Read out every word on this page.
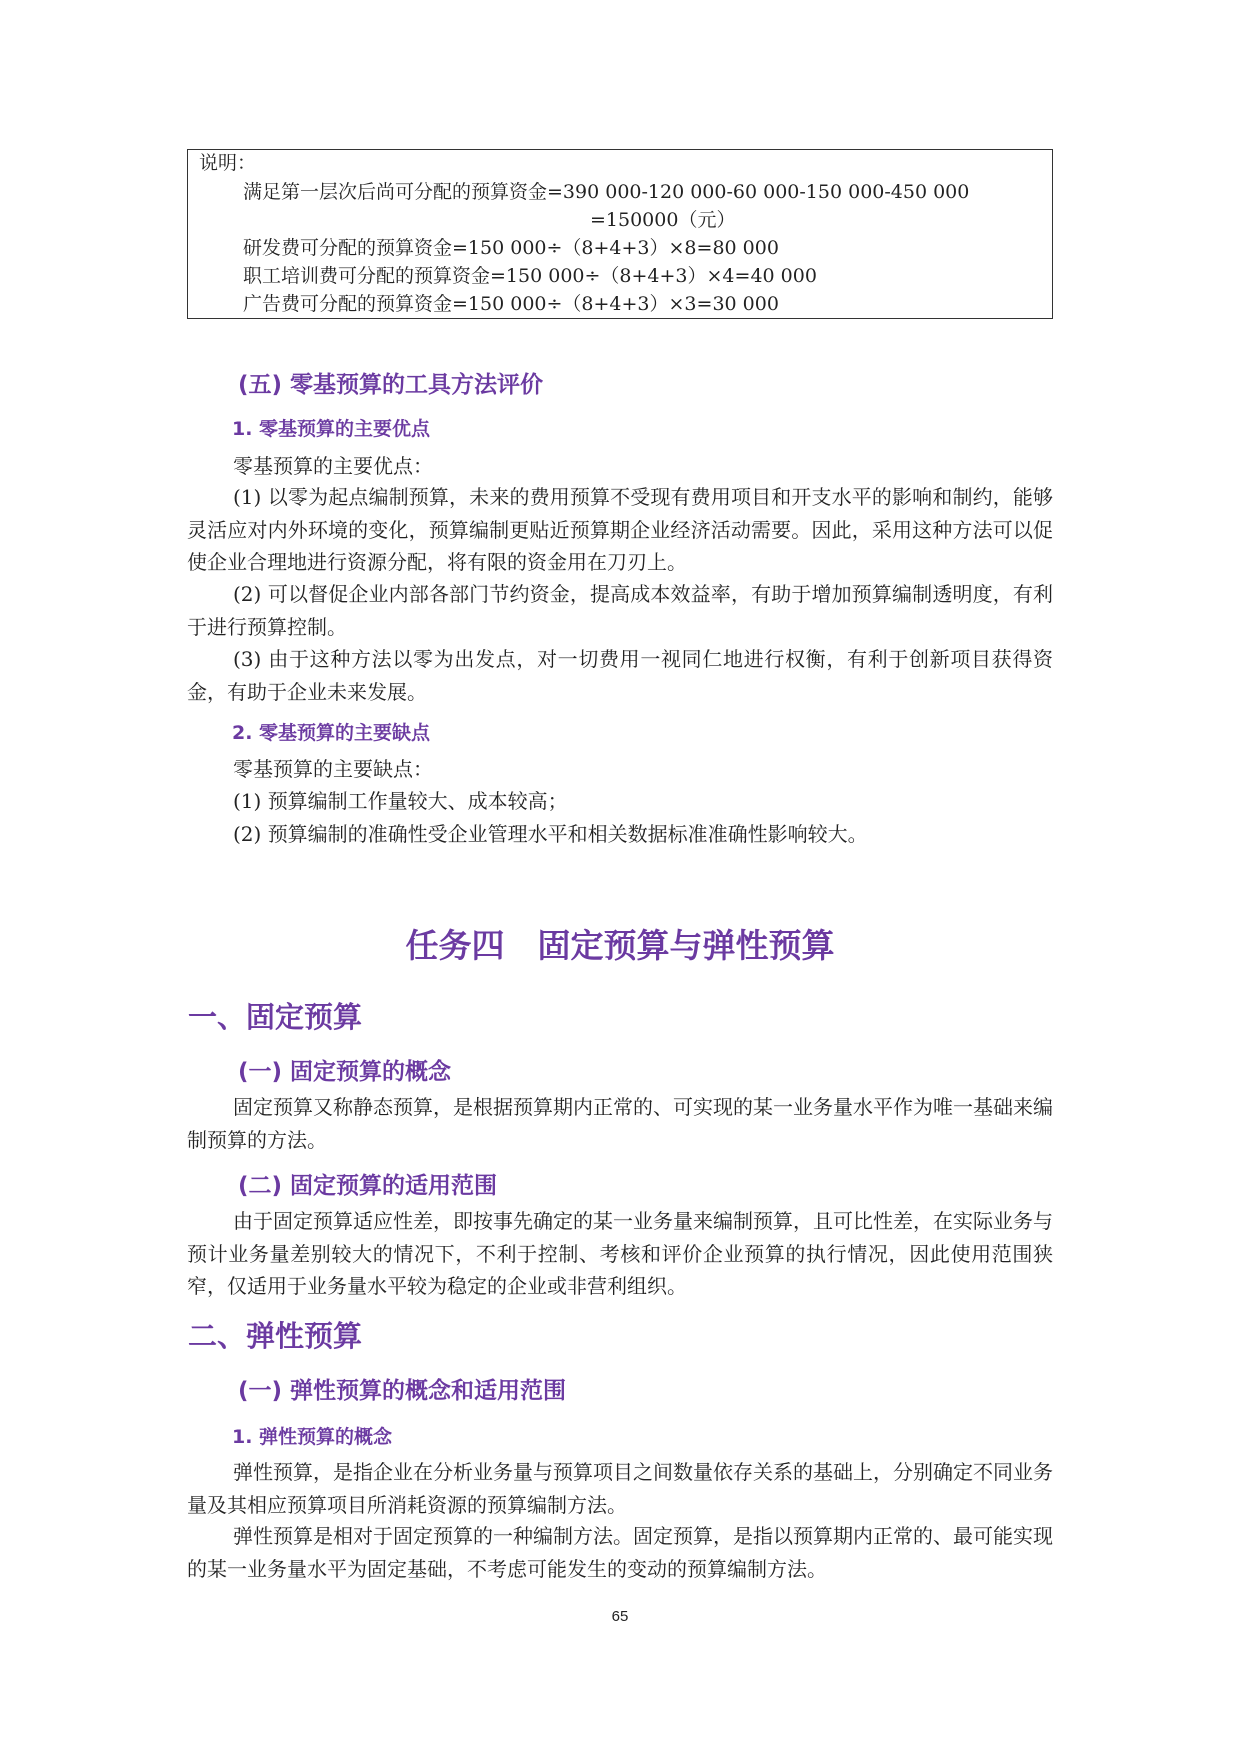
说明：
满足第一层次后尚可分配的预算资金=390 000-120 000-60 000-150 000-450 000
=150000（元）
研发费可分配的预算资金=150 000÷（8+4+3）×8=80 000
职工培训费可分配的预算资金=150 000÷（8+4+3）×4=40 000
广告费可分配的预算资金=150 000÷（8+4+3）×3=30 000
(五) 零基预算的工具方法评价
1. 零基预算的主要优点
零基预算的主要优点：

(1) 以零为起点编制预算，未来的费用预算不受现有费用项目和开支水平的影响和制约，能够灵活应对内外环境的变化，预算编制更贴近预算期企业经济活动需要。因此，采用这种方法可以促使企业合理地进行资源分配，将有限的资金用在刀刃上。

(2) 可以督促企业内部各部门节约资金，提高成本效益率，有助于增加预算编制透明度，有利于进行预算控制。

(3) 由于这种方法以零为出发点，对一切费用一视同仁地进行权衡，有利于创新项目获得资金，有助于企业未来发展。

2. 零基预算的主要缺点
零基预算的主要缺点：
(1) 预算编制工作量较大、成本较高；
(2) 预算编制的准确性受企业管理水平和相关数据标准准确性影响较大。
任务四　固定预算与弹性预算
一、固定预算
(一) 固定预算的概念

固定预算又称静态预算，是根据预算期内正常的、可实现的某一业务量水平作为唯一基础来编制预算的方法。

(二) 固定预算的适用范围

由于固定预算适应性差，即按事先确定的某一业务量来编制预算，且可比性差，在实际业务与预计业务量差别较大的情况下，不利于控制、考核和评价企业预算的执行情况，因此使用范围狭窄，仅适用于业务量水平较为稳定的企业或非营利组织。

二、弹性预算
(一) 弹性预算的概念和适用范围
1. 弹性预算的概念

弹性预算，是指企业在分析业务量与预算项目之间数量依存关系的基础上，分别确定不同业务量及其相应预算项目所消耗资源的预算编制方法。

弹性预算是相对于固定预算的一种编制方法。固定预算，是指以预算期内正常的、最可能实现的某一业务量水平为固定基础，不考虑可能发生的变动的预算编制方法。

65
